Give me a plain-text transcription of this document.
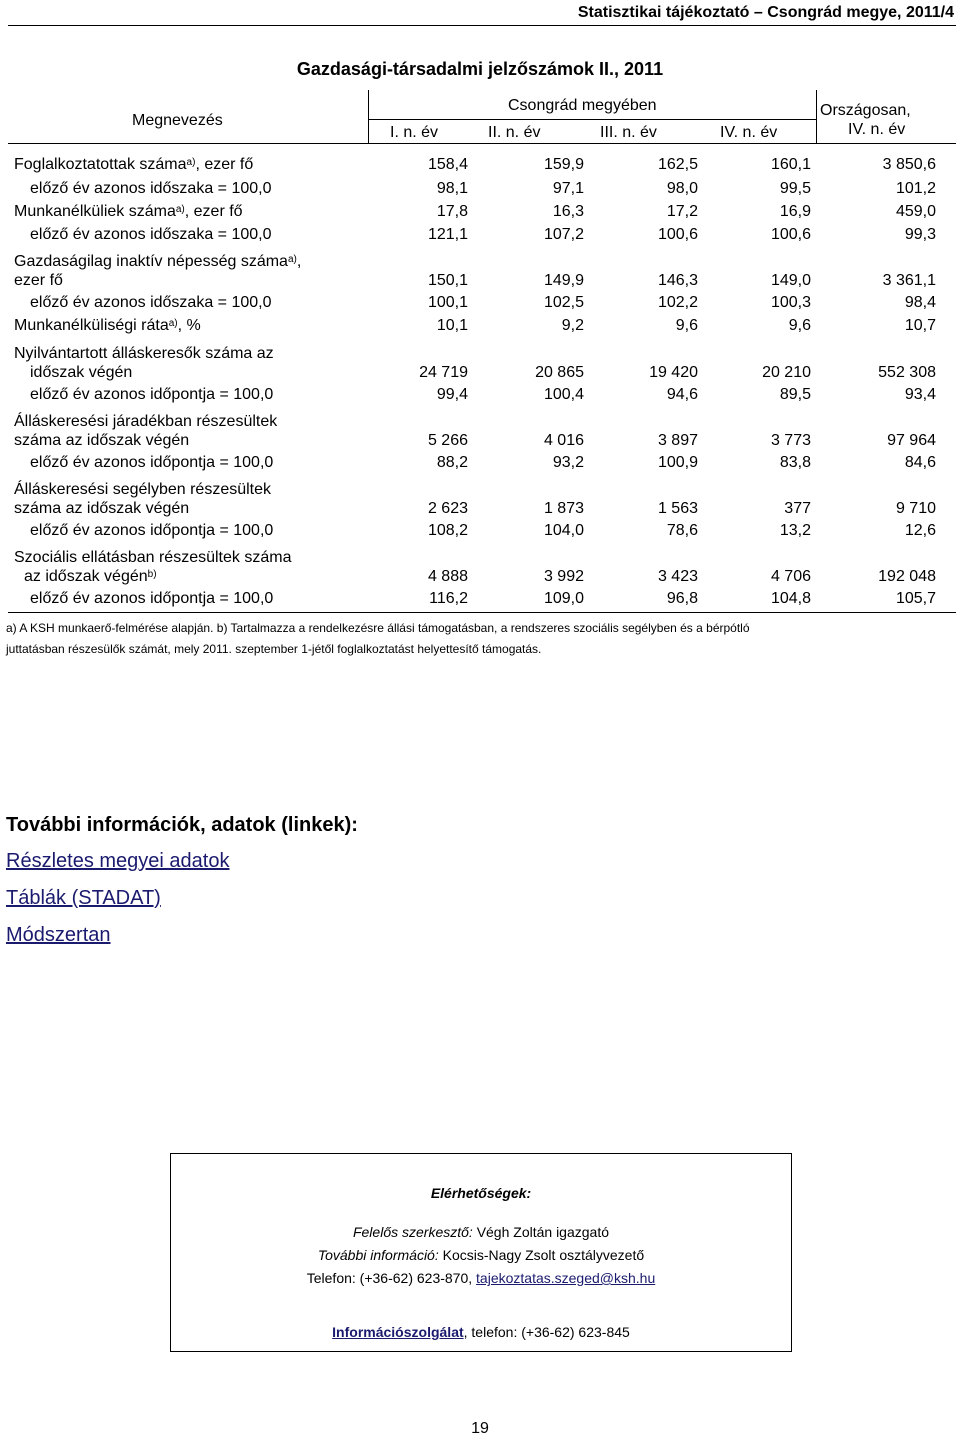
Statisztikai tájékoztató – Csongrád megye, 2011/4
Gazdasági-társadalmi jelzőszámok II., 2011
Megnevezés
Csongrád megyében
I. n. év	II. n. év	III. n. év	IV. n. év
Országosan,
IV. n. év
Foglalkoztatottak száma$^{a)}$, ezer fő	158,4	159,9	162,5	160,1	3 850,6
előző év azonos időszaka = 100,0	98,1	97,1	98,0	99,5	101,2
Munkanélküliek száma$^{a)}$, ezer fő	17,8	16,3	17,2	16,9	459,0
előző év azonos időszaka = 100,0	121,1	107,2	100,6	100,6	99,3
Gazdaságilag inaktív népesség száma$^{a)}$,
ezer fő	150,1	149,9	146,3	149,0	3 361,1
előző év azonos időszaka = 100,0	100,1	102,5	102,2	100,3	98,4
Munkanélküliségi ráta$^{a)}$, %	10,1	9,2	9,6	9,6	10,7
Nyilvántartott álláskeresők száma az
időszak végén	24 719	20 865	19 420	20 210	552 308
előző év azonos időpontja = 100,0	99,4	100,4	94,6	89,5	93,4
Álláskeresési járadékban részesültek
száma az időszak végén	5 266	4 016	3 897	3 773	97 964
előző év azonos időpontja = 100,0	88,2	93,2	100,9	83,8	84,6
Álláskeresési segélyben részesültek
száma az időszak végén	2 623	1 873	1 563	377	9 710
előző év azonos időpontja = 100,0	108,2	104,0	78,6	13,2	12,6
Szociális ellátásban részesültek száma
az időszak végén$^{b)}$	4 888	3 992	3 423	4 706	192 048
előző év azonos időpontja = 100,0	116,2	109,0	96,8	104,8	105,7
a) A KSH munkaerő-felmérése alapján. b) Tartalmazza a rendelkezésre állási támogatásban, a rendszeres szociális segélyben és a bérpótló
juttatásban részesülők számát, mely 2011. szeptember 1-jétől foglalkoztatást helyettesítő támogatás.
További információk, adatok (linkek):
Részletes megyei adatok
Táblák (STADAT)
Módszertan
Elérhetőségek:
Felelős szerkesztő: Végh Zoltán igazgató
További információ: Kocsis-Nagy Zsolt osztályvezető
Telefon: (+36-62) 623-870, tajekoztatas.szeged@ksh.hu
Információszolgálat, telefon: (+36-62) 623-845
19
